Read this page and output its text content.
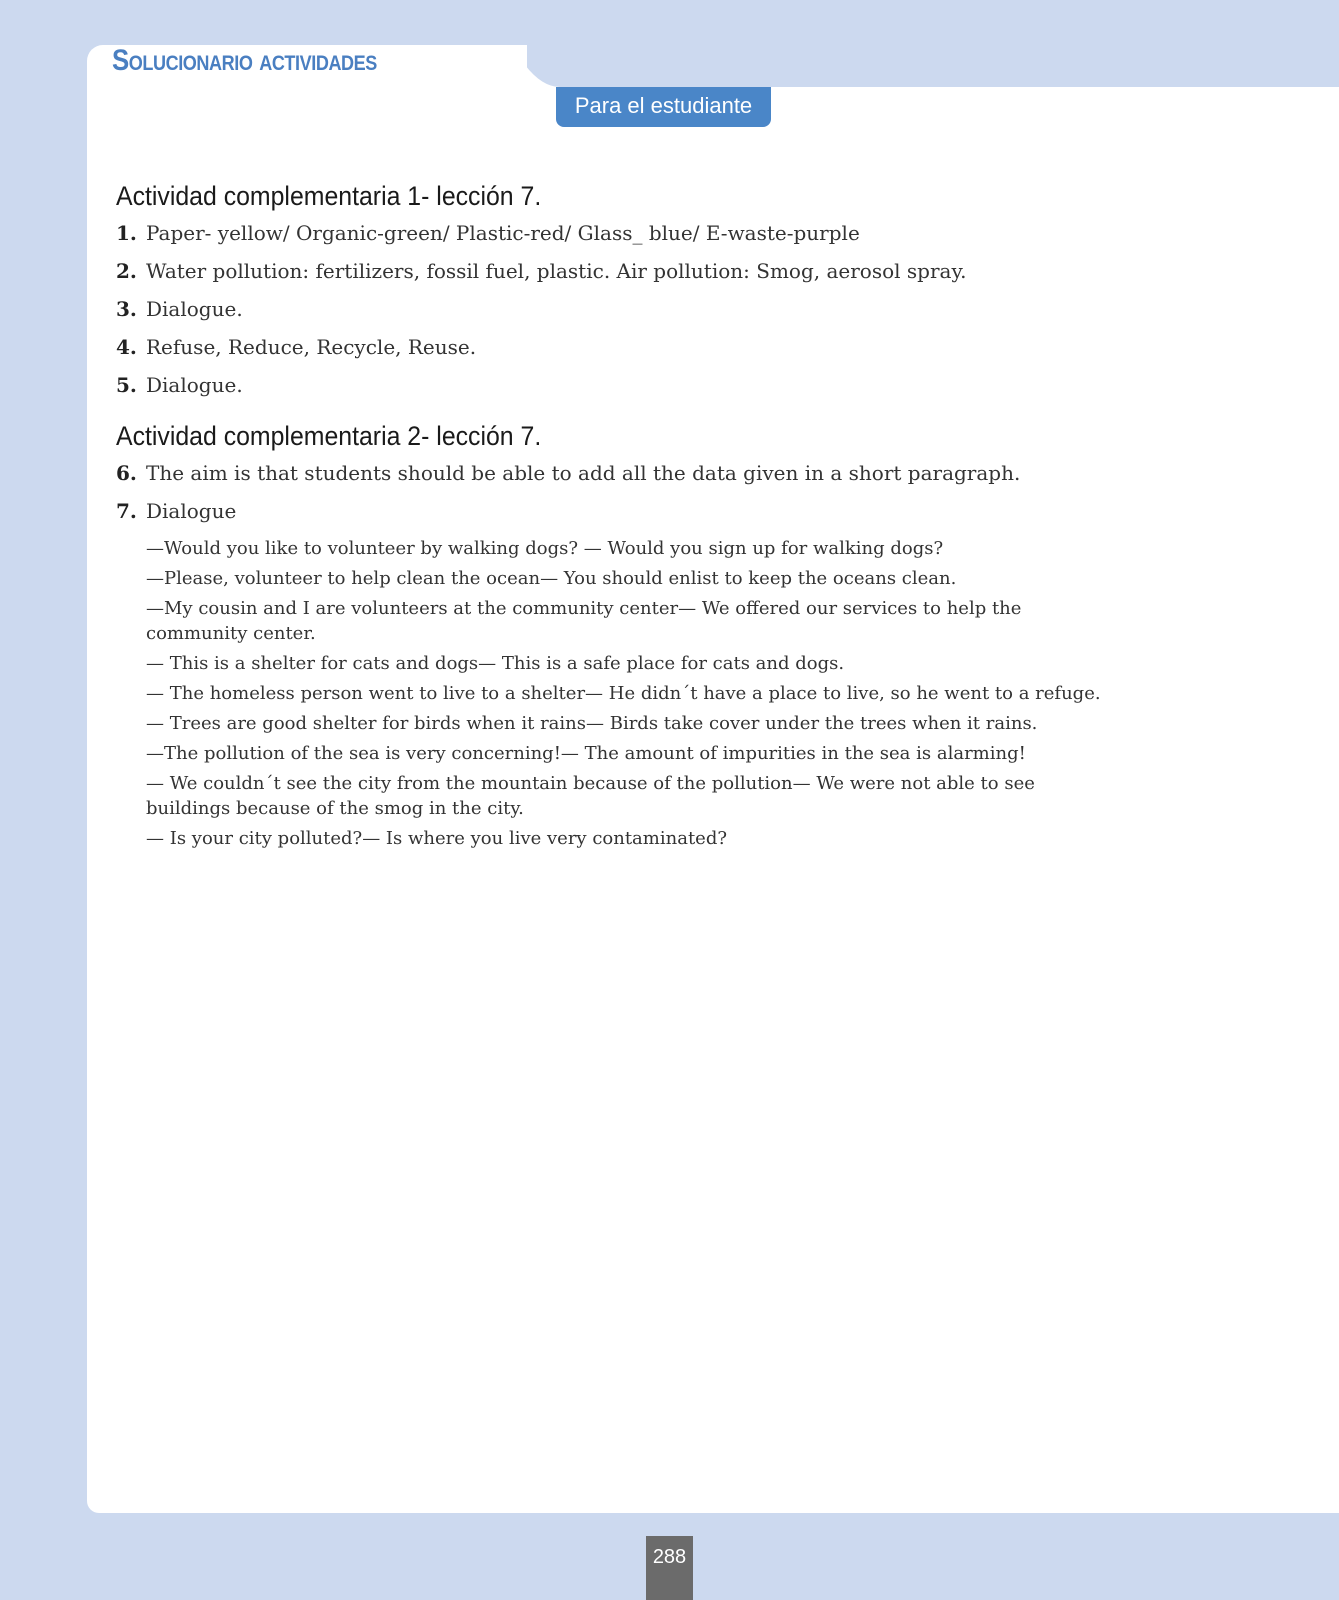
Solucionario actividades
Para el estudiante
Actividad complementaria 1- lección 7.
1. Paper- yellow/ Organic-green/ Plastic-red/ Glass_ blue/ E-waste-purple
2. Water pollution: fertilizers, fossil fuel, plastic. Air pollution: Smog, aerosol spray.
3. Dialogue.
4. Refuse, Reduce, Recycle, Reuse.
5. Dialogue.
Actividad complementaria 2- lección 7.
6. The aim is that students should be able to add all the data given in a short paragraph.
7. Dialogue
—Would you like to volunteer by walking dogs? — Would you sign up for walking dogs?
—Please, volunteer to help clean the ocean— You should enlist to keep the oceans clean.
—My cousin and I are volunteers at the community center— We offered our services to help the community center.
— This is a shelter for cats and dogs— This is a safe place for cats and dogs.
— The homeless person went to live to a shelter— He didn´t have a place to live, so he went to a refuge.
— Trees are good shelter for birds when it rains— Birds take cover under the trees when it rains.
—The pollution of the sea is very concerning!— The amount of impurities in the sea is alarming!
— We couldn´t see the city from the mountain because of the pollution— We were not able to see buildings because of the smog in the city.
— Is your city polluted?— Is where you live very contaminated?
288
